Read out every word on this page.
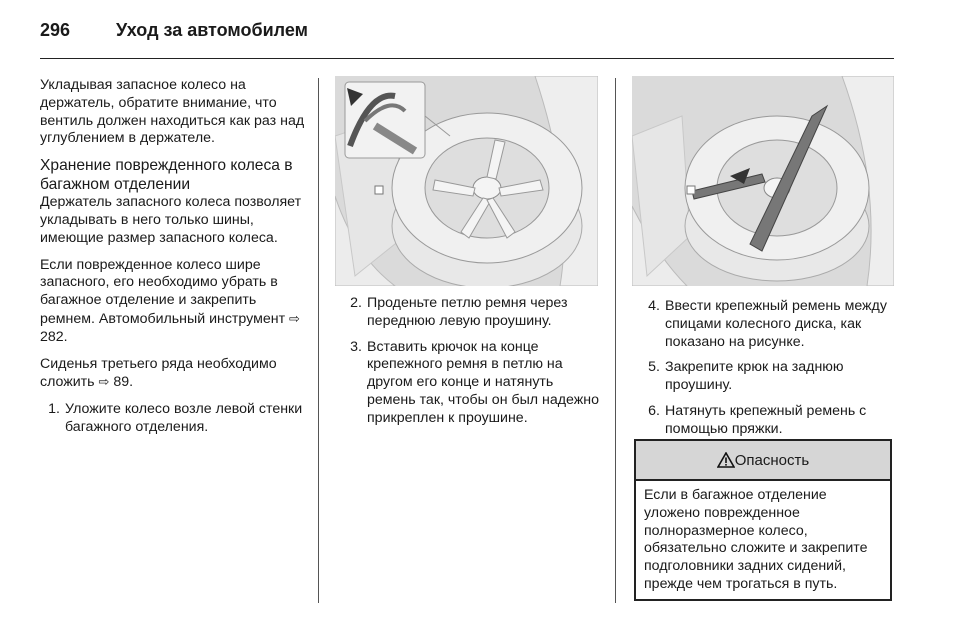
296	Уход за автомобилем

Укладывая запасное колесо на держатель, обратите внимание, что вентиль должен находиться как раз над углублением в держателе.

Хранение поврежденного колеса в багажном отделении

Держатель запасного колеса позволяет укладывать в него только шины, имеющие размер запасного колеса.

Если поврежденное колесо шире запасного, его необходимо убрать в багажное отделение и закрепить ремнем. Автомобильный инструмент ⇨ 282.

Сиденья третьего ряда необходимо сложить ⇨ 89.

1. Уложите колесо возле левой стенки багажного отделения.
2. Проденьте петлю ремня через переднюю левую проушину.
3. Вставить крючок на конце крепежного ремня в петлю на другом его конце и натянуть ремень так, чтобы он был надежно прикреплен к проушине.
4. Ввести крепежный ремень между спицами колесного диска, как показано на рисунке.
5. Закрепите крюк на заднюю проушину.
6. Натянуть крепежный ремень с помощью пряжки.
Опасность
Если в багажное отделение уложено поврежденное полноразмерное колесо, обязательно сложите и закрепите подголовники задних сидений, прежде чем трогаться в путь.
